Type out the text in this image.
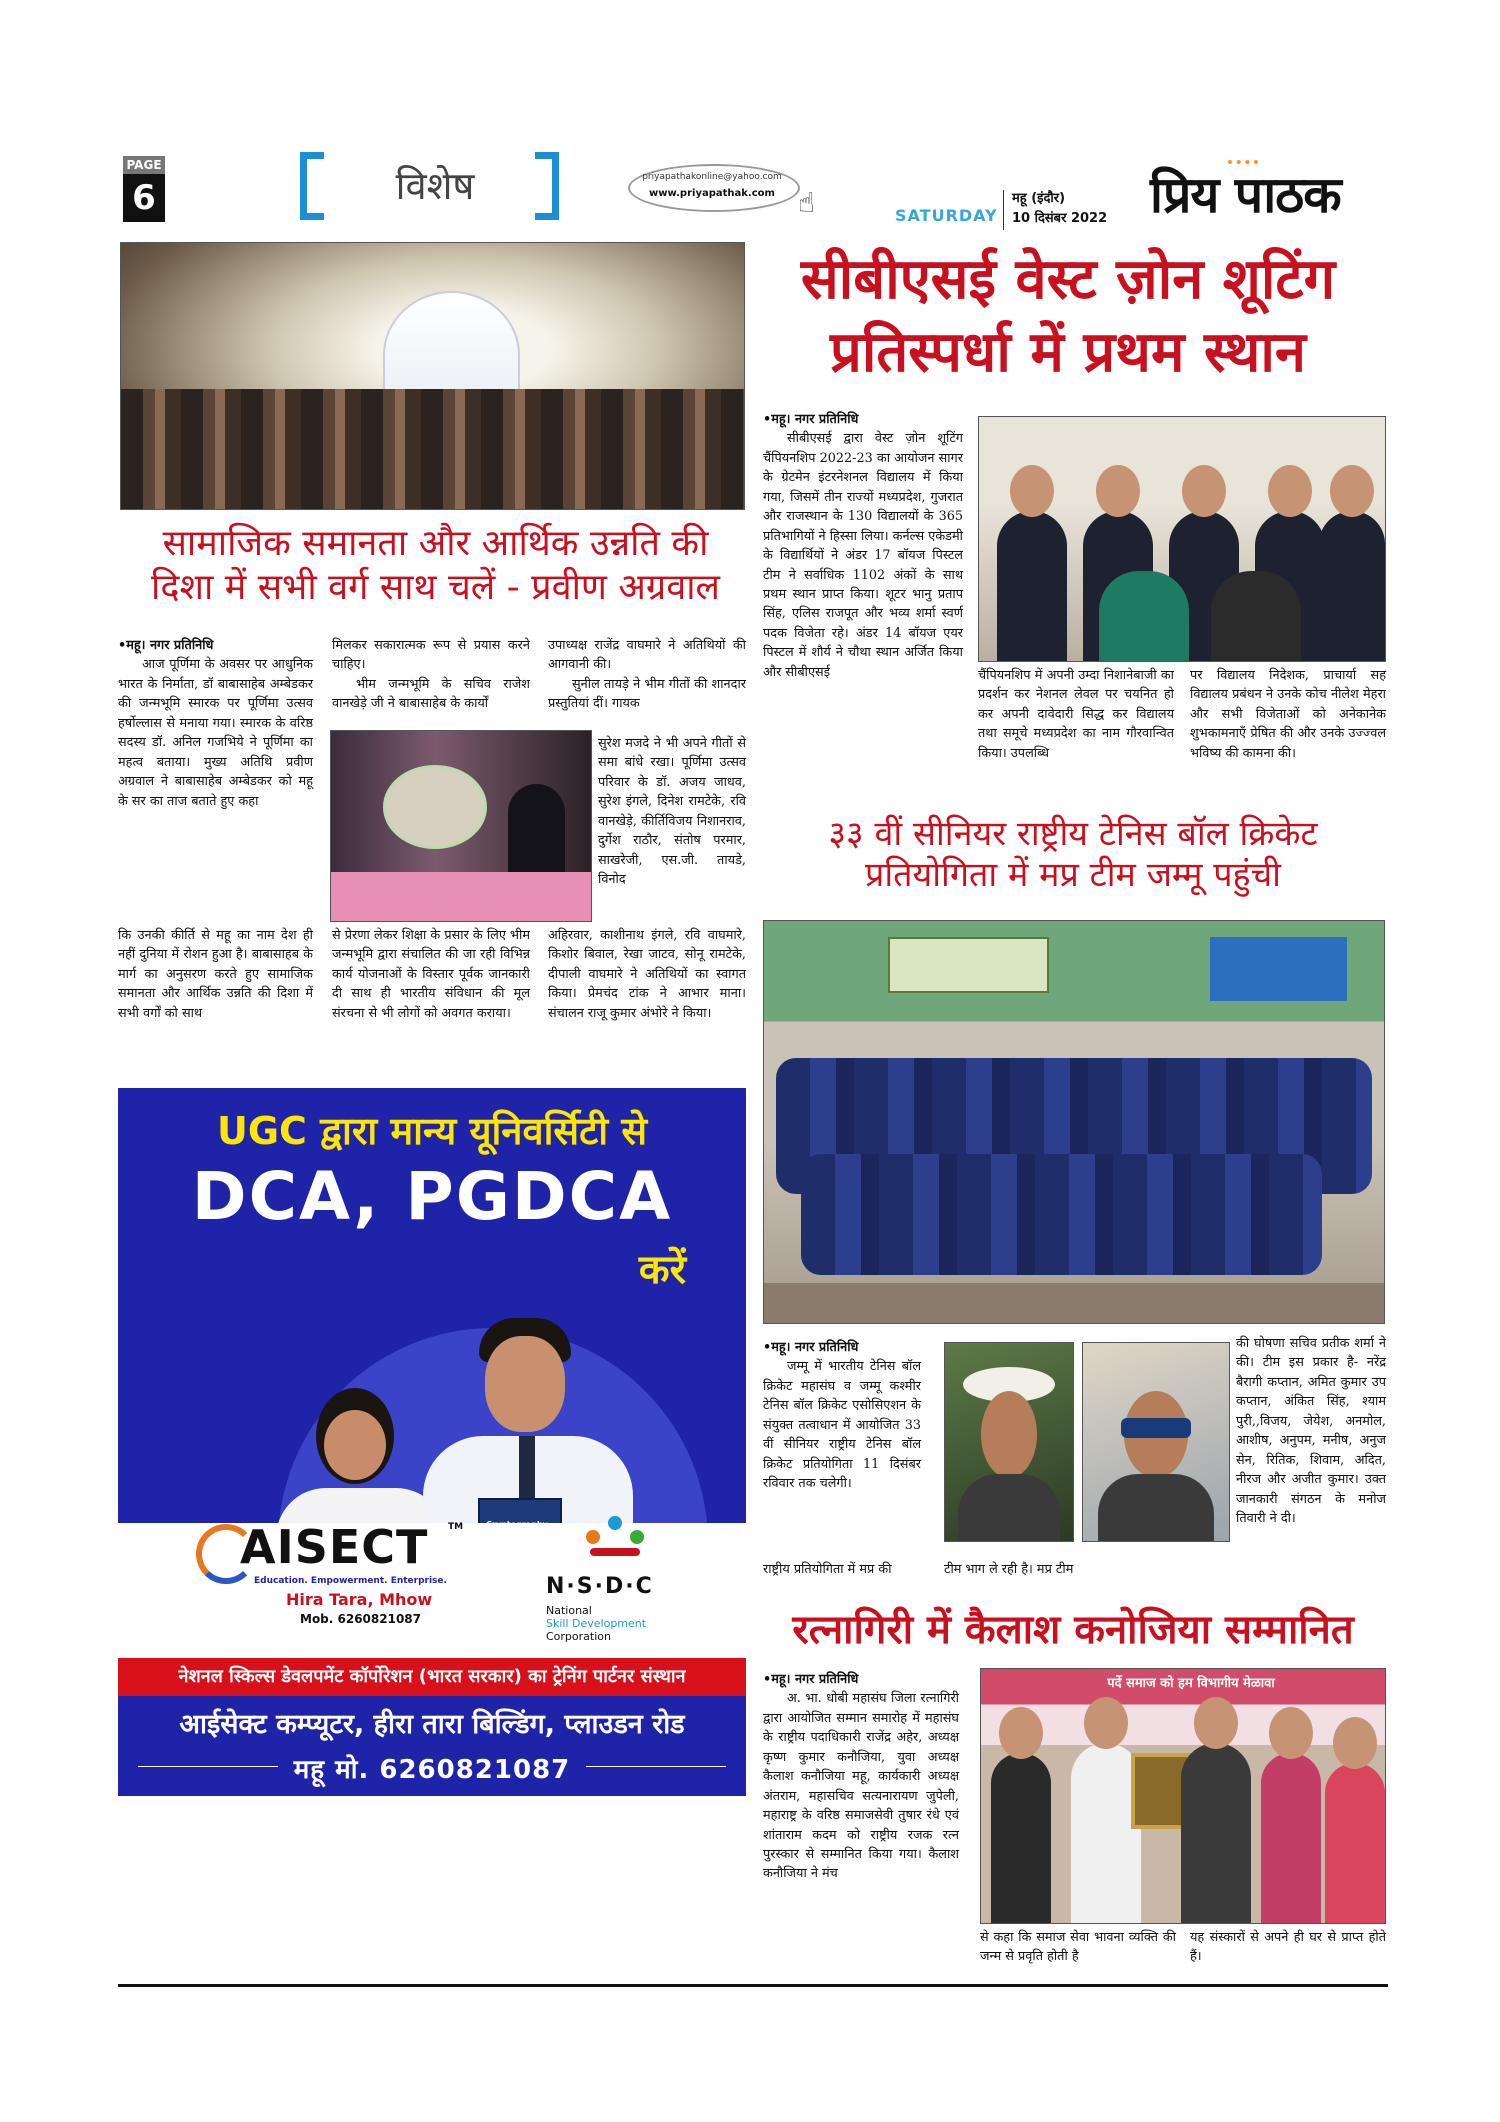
PAGE
6	विशेष	priyapathakonline@yahoo.com
www.priyapathak.com ☝	SATURDAY
महू (इंदौर)
10 दिसंबर 2022 प्रिय पाठक
सामाजिक समानता और आर्थिक उन्नति की
दिशा में सभी वर्ग साथ चलें - प्रवीण अग्रवाल
• महू। नगर प्रतिनिधि
आज पूर्णिमा के अवसर पर आधुनिक भारत के निर्माता, डॉ बाबासाहेब अम्बेडकर की जन्मभूमि स्मारक पर पूर्णिमा उत्सव हर्षोल्लास से मनाया गया। स्मारक के वरिष्ठ सदस्य डॉ. अनिल गजभिये ने पूर्णिमा का महत्व बताया। मुख्य अतिथि प्रवीण अग्रवाल ने बाबासाहेब अम्बेडकर को महू के सर का ताज बताते हुए कहा
मिलकर सकारात्मक रूप से प्रयास करने चाहिए।
भीम जन्मभूमि के सचिव राजेश वानखेड़े जी ने बाबासाहेब के कार्यों
उपाध्यक्ष राजेंद्र वाघमारे ने अतिथियों की आगवानी की।
सुनील तायड़े ने भीम गीतों की शानदार प्रस्तुतियां दीं। गायक
सुरेश मजदे ने भी अपने गीतों से समा बांधे रखा। पूर्णिमा उत्सव परिवार के डॉ. अजय जाधव, सुरेश इंगले, दिनेश रामटेके, रवि वानखेड़े, कीर्तिविजय निशानराव, दुर्गेश राठौर, संतोष परमार, साखरेजी, एस.जी. तायडे, विनोद
कि उनकी कीर्ति से महू का नाम देश ही नहीं दुनिया में रोशन हुआ है। बाबासाहब के मार्ग का अनुसरण करते हुए सामाजिक समानता और आर्थिक उन्नति की दिशा में सभी वर्गों को साथ
से प्रेरणा लेकर शिक्षा के प्रसार के लिए भीम जन्मभूमि द्वारा संचालित की जा रही विभिन्न कार्य योजनाओं के विस्तार पूर्वक जानकारी दी साथ ही भारतीय संविधान की मूल संरचना से भी लोगों को अवगत कराया।
अहिरवार, काशीनाथ इंगले, रवि वाघमारे, किशोर बिवाल, रेखा जाटव, सोनू रामटेके, दीपाली वाघमारे ने अतिथियों का स्वागत किया। प्रेमचंद टांक ने आभार माना। संचालन राजू कुमार अंभोरे ने किया।
UGC द्वारा मान्य यूनिवर्सिटी से
DCA, PGDCA
करें
AISECT TM
Education. Empowerment. Enterprise.
Hira Tara, Mhow
Mob. 6260821087
N·S·D·C
National
Skill Development
Corporation
नेशनल स्किल्स डेवलपमेंट कॉर्पोरेशन (भारत सरकार) का ट्रेनिंग पार्टनर संस्थान
आईसेक्ट कम्प्यूटर, हीरा तारा बिल्डिंग, प्लाउडन रोड
महू मो. 6260821087
सीबीएसई वेस्ट ज़ोन शूटिंग
प्रतिस्पर्धा में प्रथम स्थान
• महू। नगर प्रतिनिधि
सीबीएसई द्वारा वेस्ट ज़ोन शूटिंग चैंपियनशिप 2022-23 का आयोजन सागर के ग्रेटमेन इंटरनेशनल विद्यालय में किया गया, जिसमें तीन राज्यों मध्यप्रदेश, गुजरात और राजस्थान के 130 विद्यालयों के 365 प्रतिभागियों ने हिस्सा लिया। कर्नल्स एकेडमी के विद्यार्थियों ने अंडर 17 बॉयज पिस्टल टीम ने सर्वाधिक 1102 अंकों के साथ प्रथम स्थान प्राप्त किया। शूटर भानु प्रताप सिंह, एलिस राजपूत और भव्य शर्मा स्वर्ण पदक विजेता रहे। अंडर 14 बॉयज एयर पिस्टल में शौर्य ने चौथा स्थान अर्जित किया और सीबीएसई	चैंपियनशिप में अपनी उम्दा निशानेबाजी का प्रदर्शन कर नेशनल लेवल पर चयनित हो कर अपनी दावेदारी सिद्ध कर विद्यालय तथा समूचे मध्यप्रदेश का नाम गौरवान्वित किया। उपलब्धि
पर विद्यालय निदेशक, प्राचार्या सह विद्यालय प्रबंधन ने उनके कोच नीलेश मेहरा और सभी विजेताओं को अनेकानेक शुभकामनाएँ प्रेषित की और उनके उज्ज्वल भविष्य की कामना की।
३३ वीं सीनियर राष्ट्रीय टेनिस बॉल क्रिकेट
प्रतियोगिता में मप्र टीम जम्मू पहुंची
• महू। नगर प्रतिनिधि
जम्मू में भारतीय टेनिस बॉल क्रिकेट महासंघ व जम्मू कश्मीर टेनिस बॉल क्रिकेट एसोसिएशन के संयुक्त तत्वाधान में आयोजित 33 वीं सीनियर राष्ट्रीय टेनिस बॉल क्रिकेट प्रतियोगिता 11 दिसंबर रविवार तक चलेगी।
राष्ट्रीय प्रतियोगिता में मप्र की	टीम भाग ले रही है। मप्र टीम
की घोषणा सचिव प्रतीक शर्मा ने की। टीम इस प्रकार है- नरेंद्र बैरागी कप्तान, अमित कुमार उप कप्तान, अंकित सिंह, श्याम पुरी,,विजय, जेयेश, अनमोल, आशीष, अनुपम, मनीष, अनुज सेन, रितिक, शिवाम, अदित, नीरज और अजीत कुमार। उक्त जानकारी संगठन के मनोज तिवारी ने दी।
रत्नागिरी में कैलाश कनोजिया सम्मानित
• महू। नगर प्रतिनिधि
अ. भा. धोबी महासंघ जिला रत्नागिरी द्वारा आयोजित सम्मान समारोह में महासंघ के राष्ट्रीय पदाधिकारी राजेंद्र अहेर, अध्यक्ष कृष्ण कुमार कनौजिया, युवा अध्यक्ष कैलाश कनौजिया महू, कार्यकारी अध्यक्ष अंतराम, महासचिव सत्यनारायण जुपेली, महाराष्ट्र के वरिष्ठ समाजसेवी तुषार रंधे एवं शांताराम कदम को राष्ट्रीय रजक रत्न पुरस्कार से सम्मानित किया गया। कैलाश कनौजिया ने मंच
पर्दे समाज को हम विभागीय मेळावा
से कहा कि समाज सेवा भावना व्यक्ति की जन्म से प्रवृति होती है
यह संस्कारों से अपने ही घर से प्राप्त होते हैं।
